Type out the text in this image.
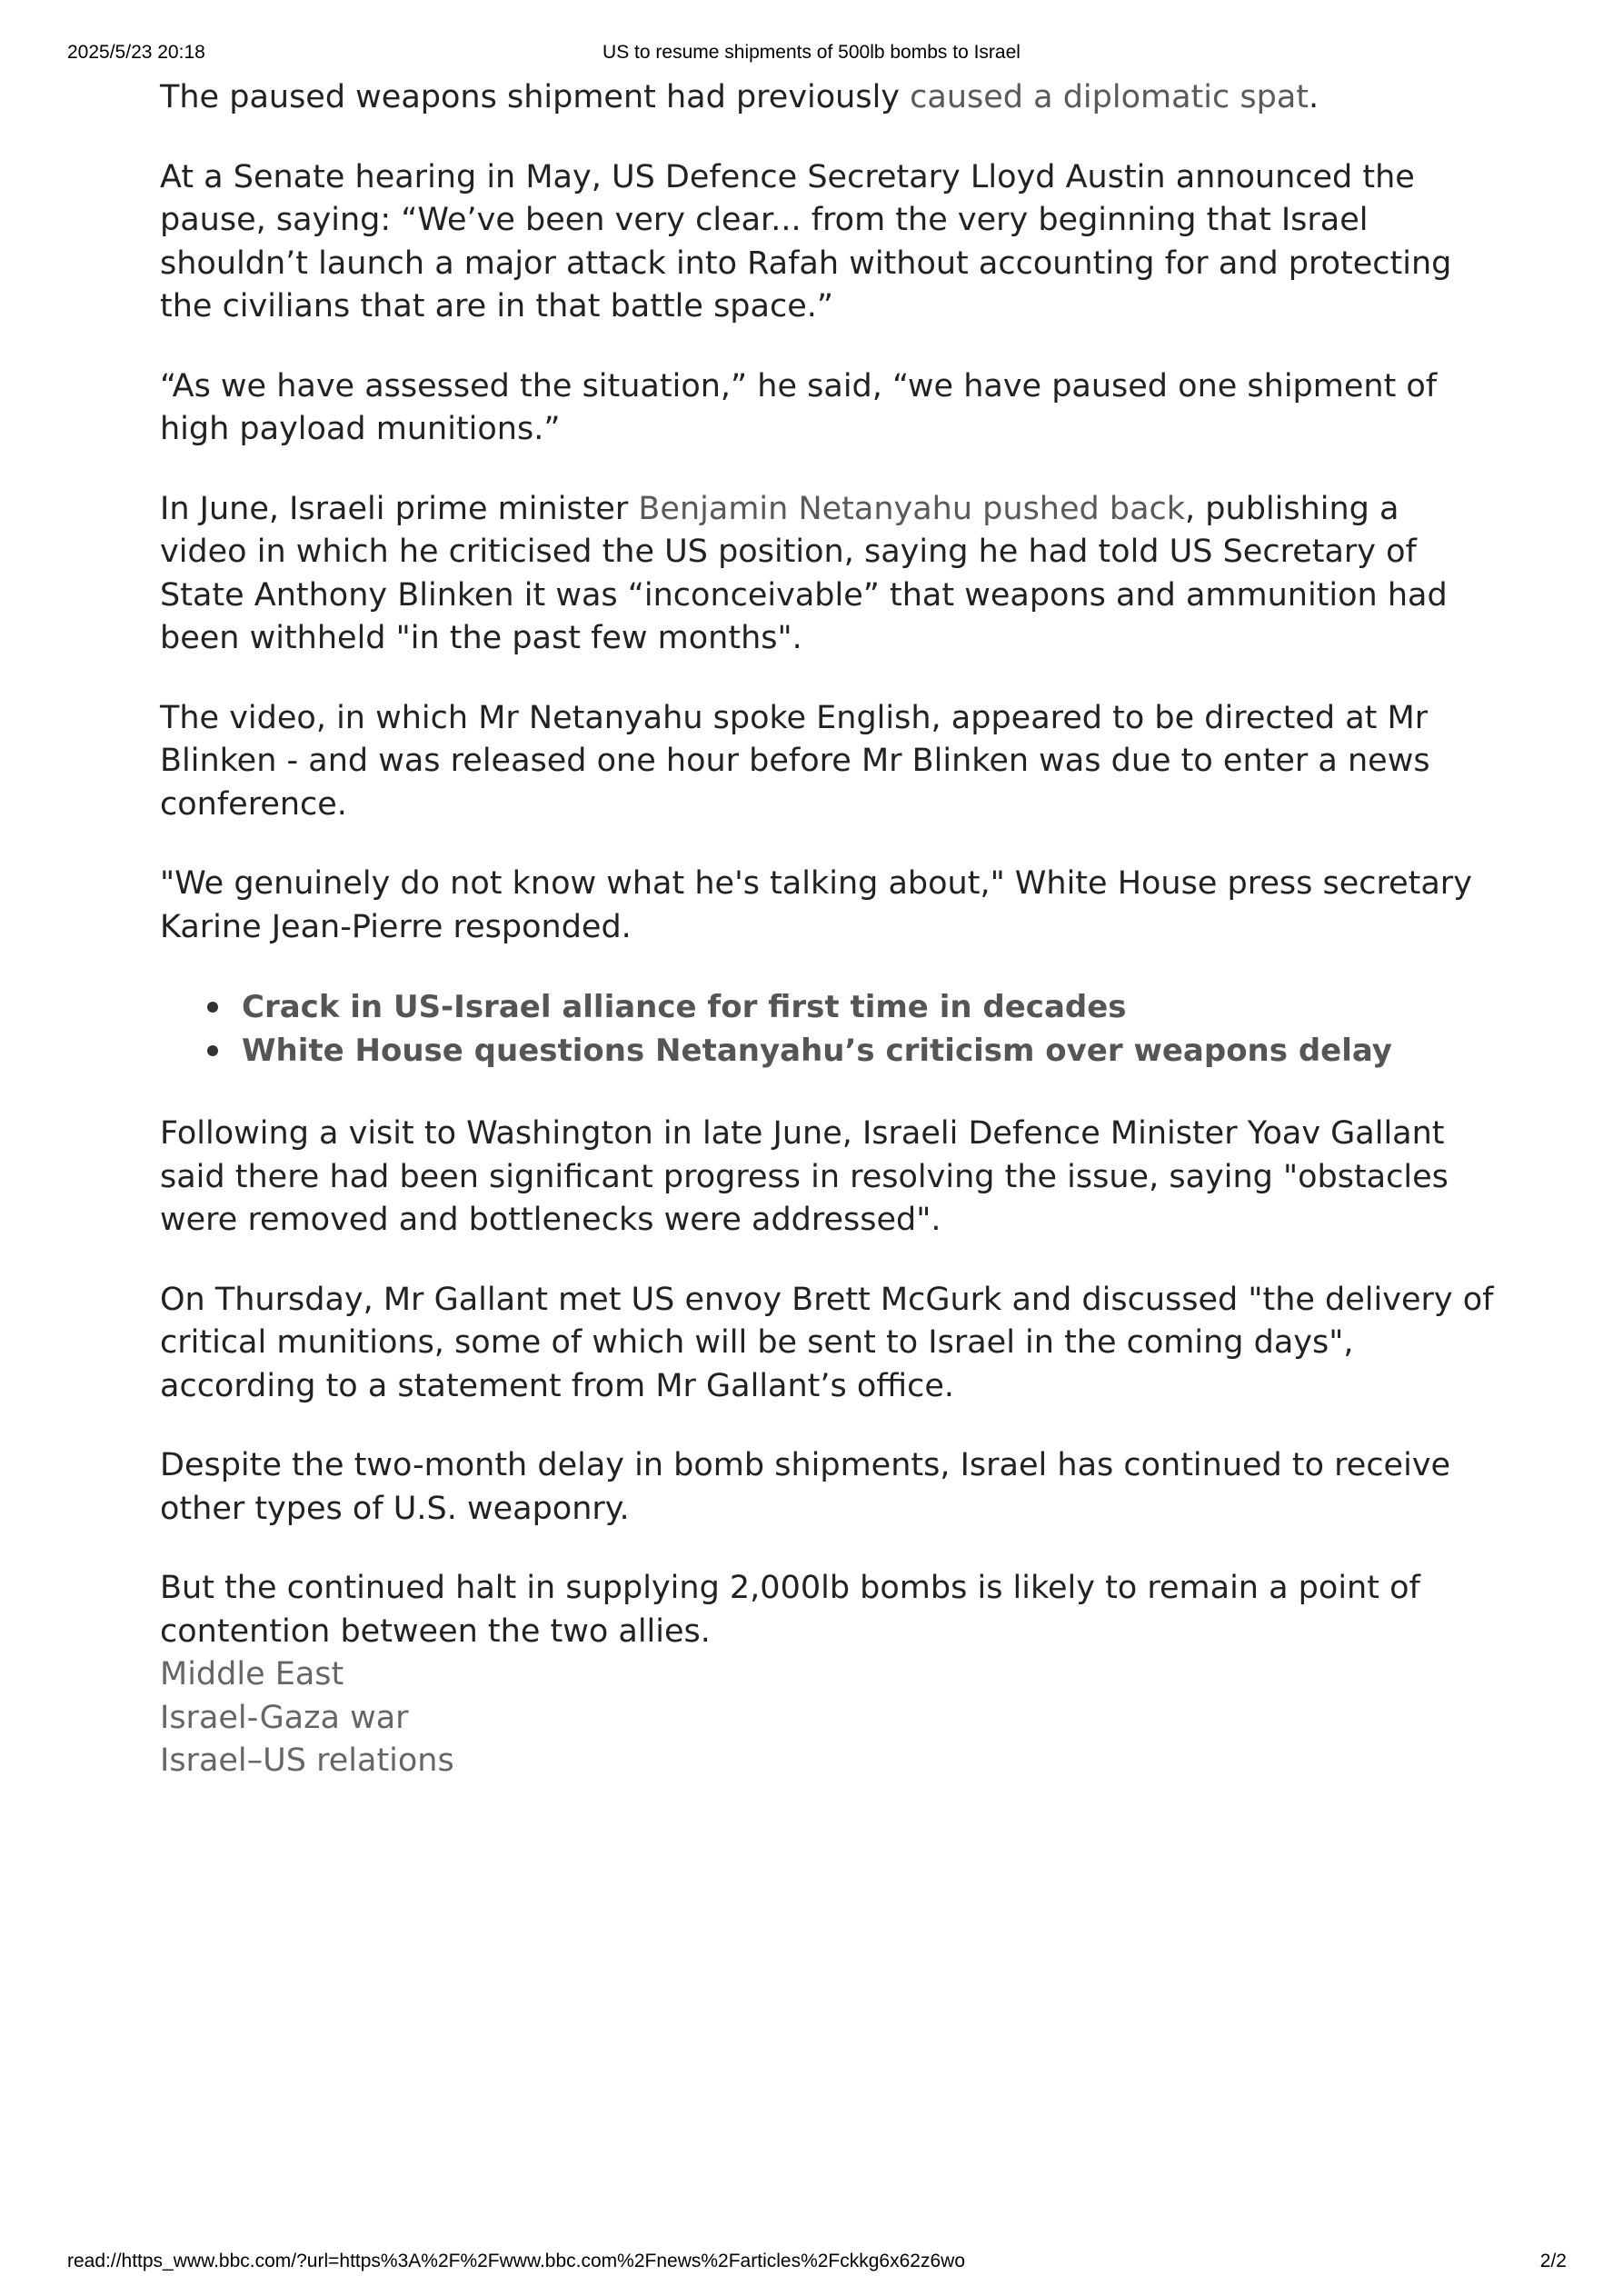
2025/5/23 20:18	US to resume shipments of 500lb bombs to Israel

The paused weapons shipment had previously caused a diplomatic spat.

At a Senate hearing in May, US Defence Secretary Lloyd Austin announced the pause, saying: “We’ve been very clear... from the very beginning that Israel shouldn’t launch a major attack into Rafah without accounting for and protecting the civilians that are in that battle space.”

“As we have assessed the situation,” he said, “we have paused one shipment of high payload munitions.”

In June, Israeli prime minister Benjamin Netanyahu pushed back, publishing a video in which he criticised the US position, saying he had told US Secretary of State Anthony Blinken it was “inconceivable” that weapons and ammunition had been withheld "in the past few months".

The video, in which Mr Netanyahu spoke English, appeared to be directed at Mr Blinken - and was released one hour before Mr Blinken was due to enter a news conference.

"We genuinely do not know what he's talking about," White House press secretary Karine Jean-Pierre responded.

Crack in US-Israel alliance for first time in decades
White House questions Netanyahu’s criticism over weapons delay

Following a visit to Washington in late June, Israeli Defence Minister Yoav Gallant said there had been significant progress in resolving the issue, saying "obstacles were removed and bottlenecks were addressed".

On Thursday, Mr Gallant met US envoy Brett McGurk and discussed "the delivery of critical munitions, some of which will be sent to Israel in the coming days", according to a statement from Mr Gallant’s office.

Despite the two-month delay in bomb shipments, Israel has continued to receive other types of U.S. weaponry.

But the continued halt in supplying 2,000lb bombs is likely to remain a point of contention between the two allies.

Middle East
Israel-Gaza war
Israel–US relations
read://https_www.bbc.com/?url=https%3A%2F%2Fwww.bbc.com%2Fnews%2Farticles%2Fckkg6x62z6wo	2/2
